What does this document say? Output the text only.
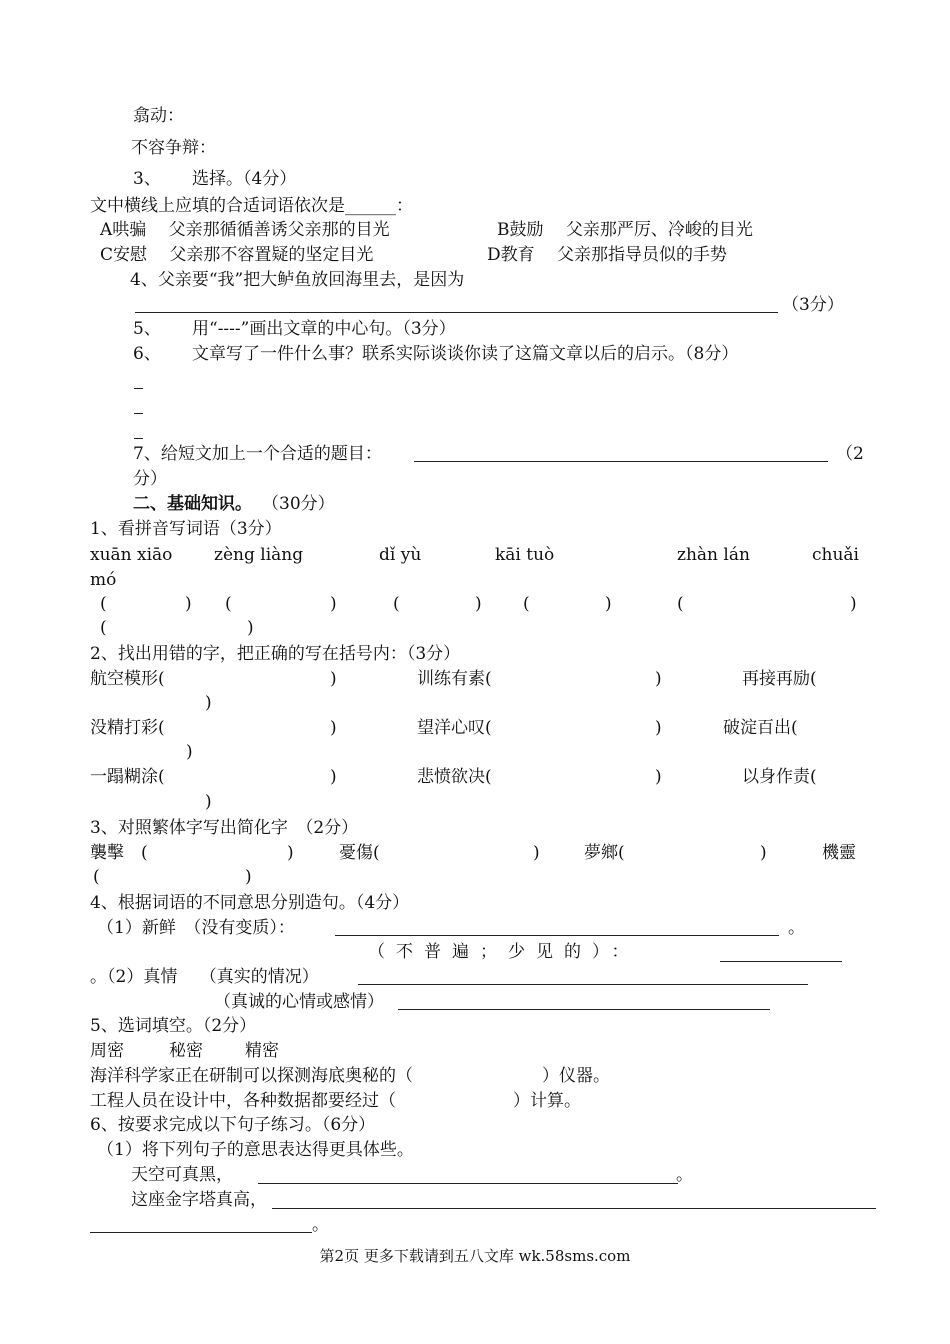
翕动：
不容争辩：
3、 选择。（4分）
文中横线上应填的合适词语依次是______：
A哄骗　 父亲那循循善诱父亲那的目光	B鼓励　 父亲那严厉、冷峻的目光
C安慰　 父亲那不容置疑的坚定目光	D教育　 父亲那指导员似的手势
4、父亲要“我”把大鲈鱼放回海里去，是因为
（3分）
5、 用“----”画出文章的中心句。（3分）
6、 文章写了一件什么事？联系实际谈谈你读了这篇文章以后的启示。（8分）
7、给短文加上一个合适的题目：	（2
分）
二、基础知识。 （30分）
1、看拼音写词语（3分）
xuān xiāo zèng liàng	dǐ yù	kāi tuò	zhàn lán	chuǎi
mó
(	) (	)	(	) (	)	(	)
(	)
2、找出用错的字，把正确的写在括号内：（3分）
航空模形(	)	训练有素(	)	再接再励(
)
没精打彩(	)	望洋心叹(	)	破淀百出(
)
一蹋糊涂(	)	悲愤欲决(	)	以身作责(
)
3、对照繁体字写出简化字　（2分）
襲擊　(	)	憂傷(	)	夢鄉(	)	機靈
(	)
4、根据词语的不同意思分别造句。（4分）
（1）新鲜　（没有变质）：	。
（不普遍；少见的）：
。（2）真情　 （真实的情况）
（真诚的心情或感情）
5、选词填空。（2分）
周密	秘密 精密
海洋科学家正在研制可以探测海底奥秘的（	）仪器。
工程人员在设计中，各种数据都要经过（	）计算。
6、按要求完成以下句子练习。（6分）
（1）将下列句子的意思表达得更具体些。
天空可真黑，	。
这座金字塔真高，
。
第2页 更多下载请到五八文库 wk.58sms.com
